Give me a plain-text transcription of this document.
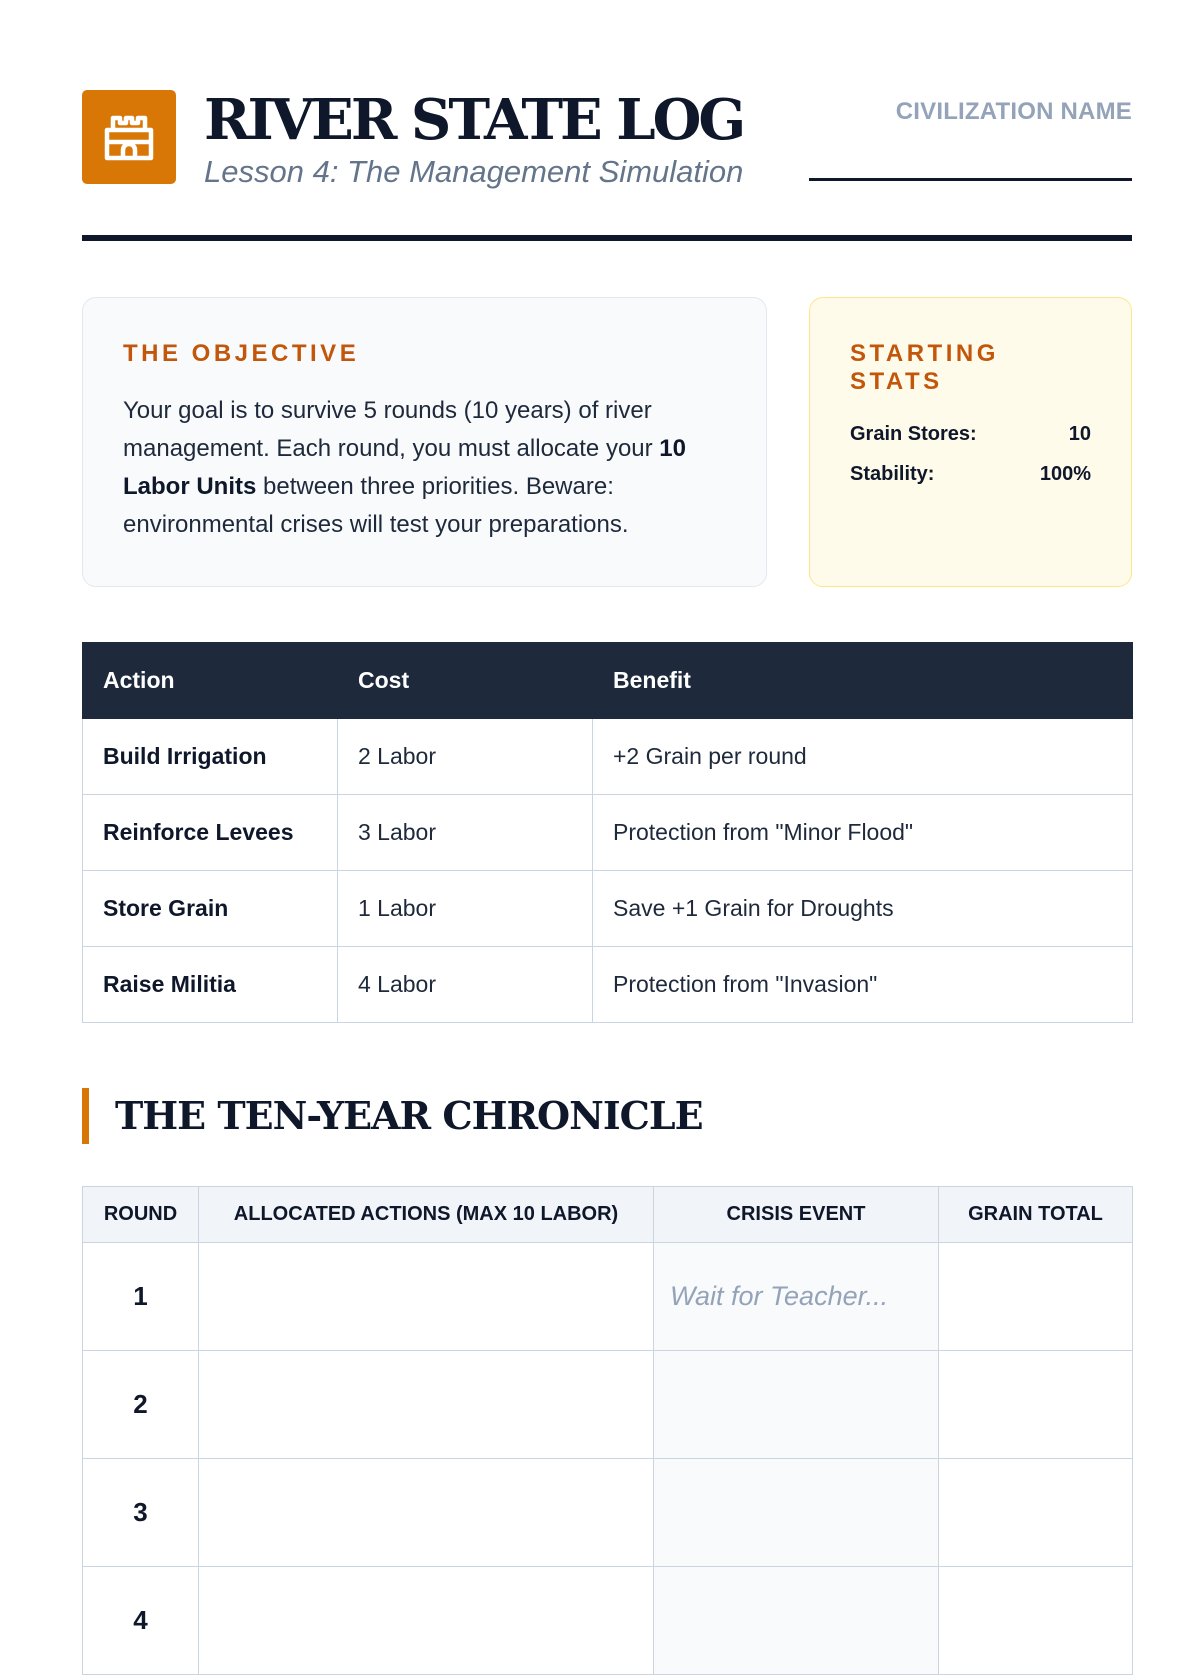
RIVER STATE LOG
Lesson 4: The Management Simulation
CIVILIZATION NAME
THE OBJECTIVE

Your goal is to survive 5 rounds (10 years) of river management. Each round, you must allocate your 10 Labor Units between three priorities. Beware: environmental crises will test your preparations.

STARTING STATS
Grain Stores:	10
Stability:	100%
Action	Cost	Benefit
Build Irrigation	2 Labor	+2 Grain per round
Reinforce Levees	3 Labor	Protection from "Minor Flood"
Store Grain	1 Labor	Save +1 Grain for Droughts
Raise Militia	4 Labor	Protection from "Invasion"
THE TEN-YEAR CHRONICLE
ROUND	ALLOCATED ACTIONS (MAX 10 LABOR)	CRISIS EVENT	GRAIN TOTAL
1		Wait for Teacher...	
2			
3			
4			
